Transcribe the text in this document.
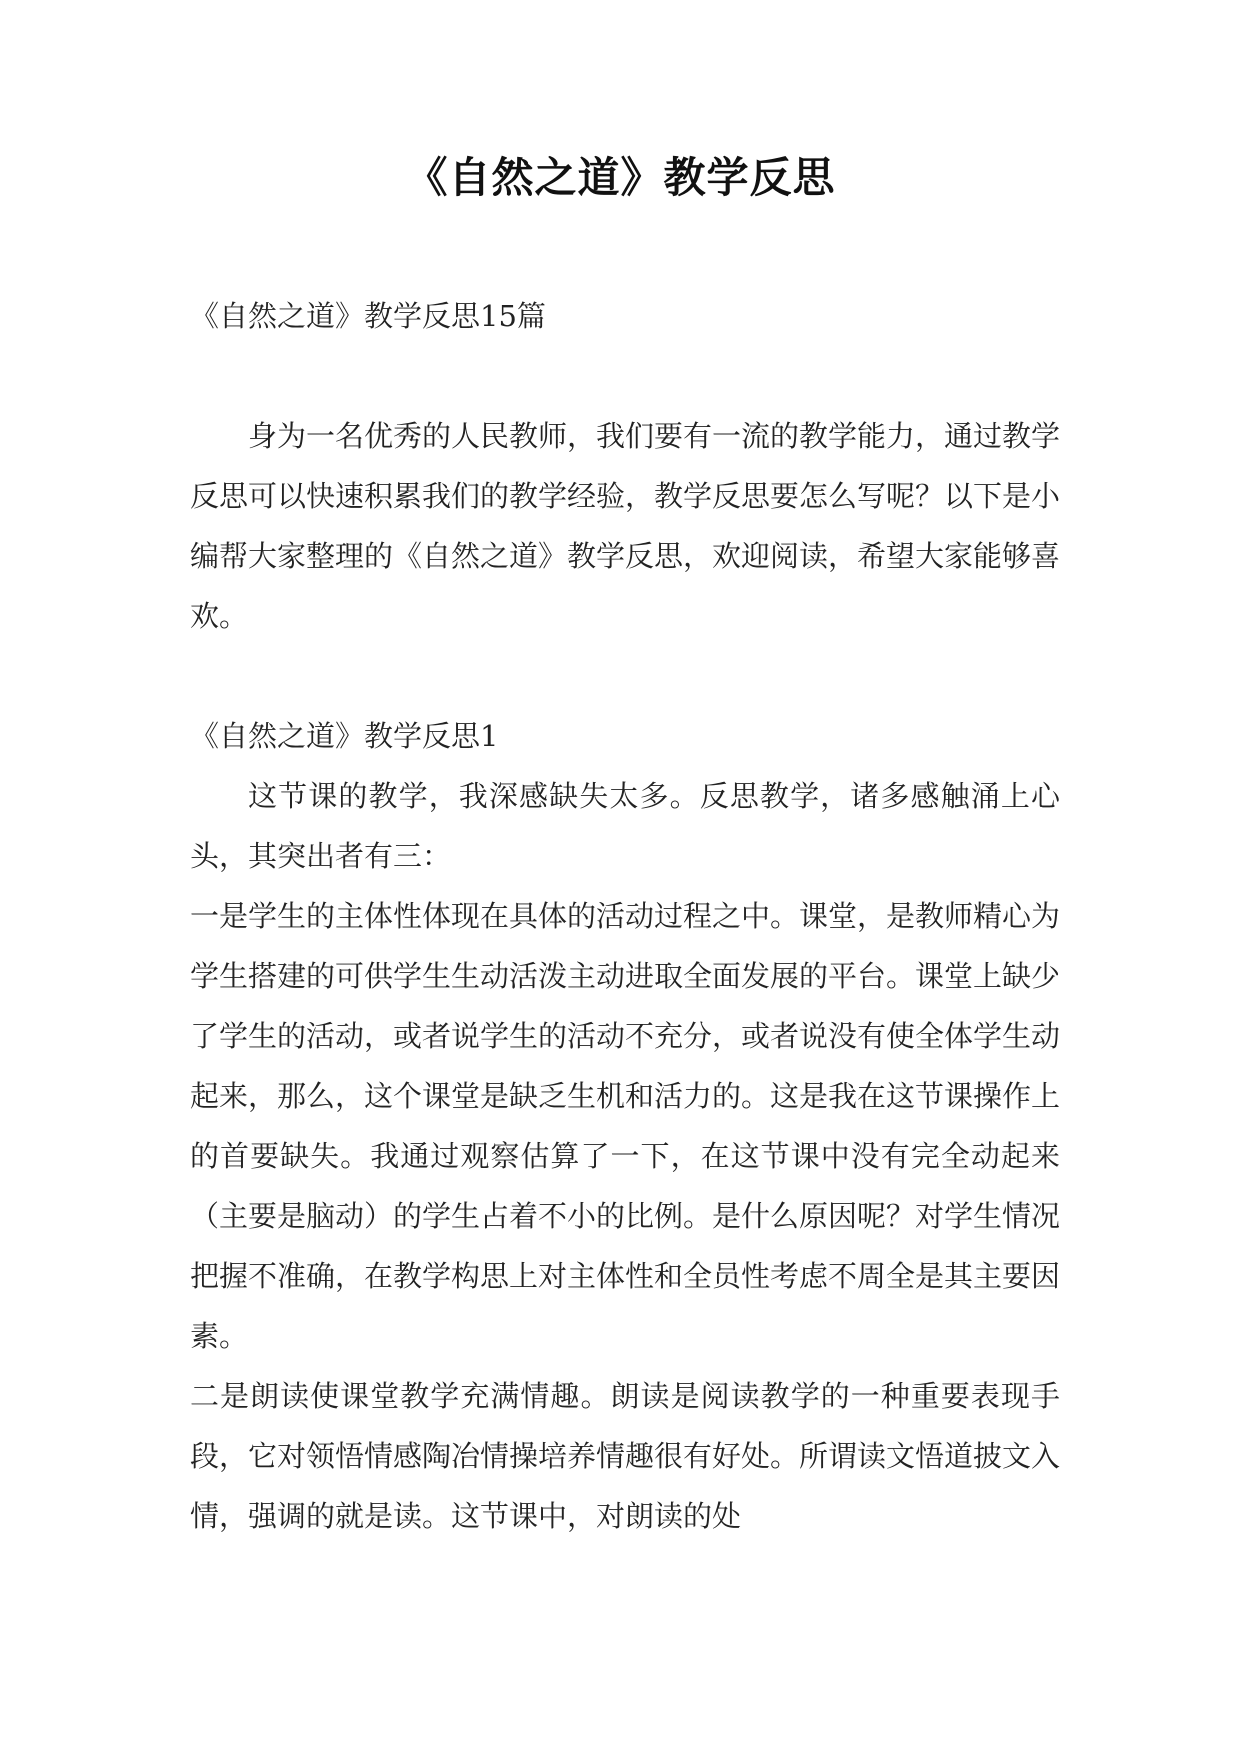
《自然之道》教学反思

《自然之道》教学反思15篇

身为一名优秀的人民教师，我们要有一流的教学能力，通过教学反思可以快速积累我们的教学经验，教学反思要怎么写呢？以下是小编帮大家整理的《自然之道》教学反思，欢迎阅读，希望大家能够喜欢。

《自然之道》教学反思1

这节课的教学，我深感缺失太多。反思教学，诸多感触涌上心头，其突出者有三：

一是学生的主体性体现在具体的活动过程之中。课堂，是教师精心为学生搭建的可供学生生动活泼主动进取全面发展的平台。课堂上缺少了学生的活动，或者说学生的活动不充分，或者说没有使全体学生动起来，那么，这个课堂是缺乏生机和活力的。这是我在这节课操作上的首要缺失。我通过观察估算了一下，在这节课中没有完全动起来（主要是脑动）的学生占着不小的比例。是什么原因呢？对学生情况把握不准确，在教学构思上对主体性和全员性考虑不周全是其主要因素。

二是朗读使课堂教学充满情趣。朗读是阅读教学的一种重要表现手段，它对领悟情感陶冶情操培养情趣很有好处。所谓读文悟道披文入情，强调的就是读。这节课中，对朗读的处
